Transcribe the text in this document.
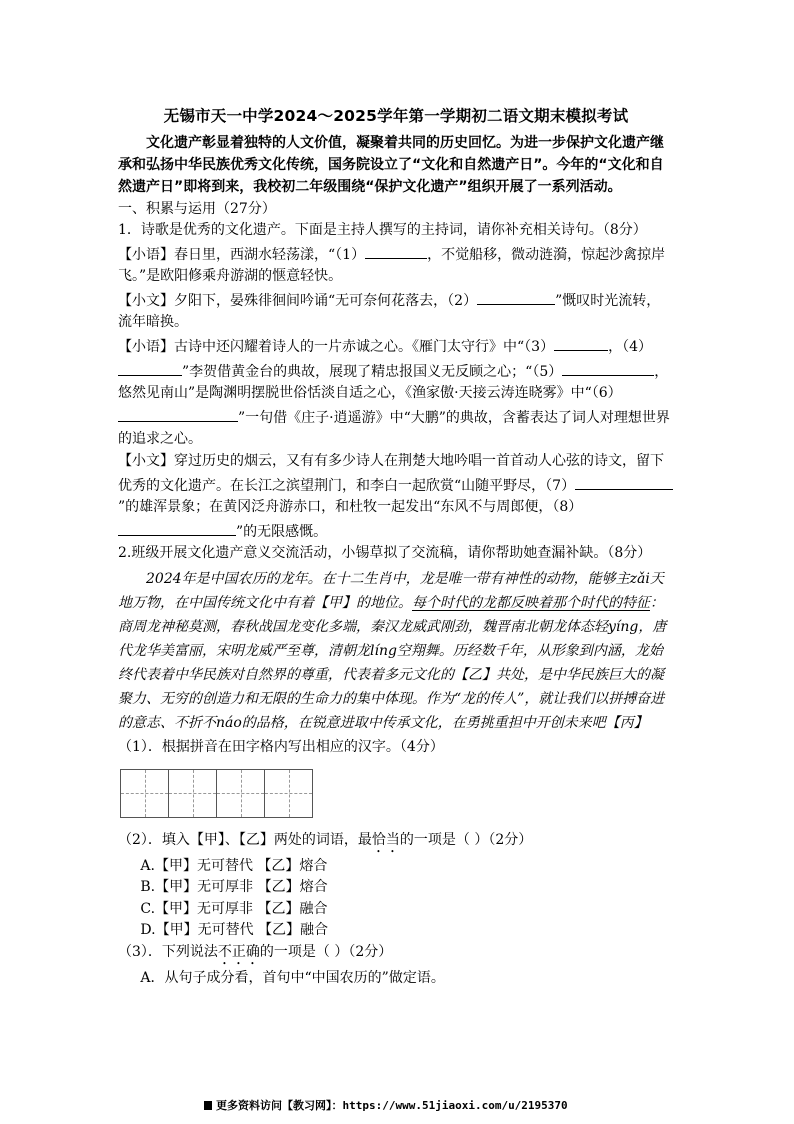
无锡市天一中学2024～2025学年第一学期初二语文期末模拟考试

文化遗产彰显着独特的人文价值，凝聚着共同的历史回忆。为进一步保护文化遗产继承和弘扬中华民族优秀文化传统，国务院设立了“文化和自然遗产日”。今年的“文化和自然遗产日”即将到来，我校初二年级围绕“保护文化遗产”组织开展了一系列活动。

一、积累与运用（27分）

1．诗歌是优秀的文化遗产。下面是主持人撰写的主持词，请你补充相关诗句。（8分）

【小语】春日里，西湖水轻荡漾，“（1）	，不觉船移，微动涟漪，惊起沙禽掠岸飞。”是欧阳修乘舟游湖的惬意轻快。

【小文】夕阳下，晏殊徘徊间吟诵“无可奈何花落去，（2）	”慨叹时光流转， 流年暗换。

【小语】古诗中还闪耀着诗人的一片赤诚之心。《雁门太守行》中“（3）	，（4）”李贺借黄金台的典故，展现了精忠报国义无反顾之心；“（5）	，悠然见南山”是陶渊明摆脱世俗恬淡自适之心，《渔家傲·天接云涛连晓雾》中“（6）”一句借《庄子·逍遥游》中“大鹏”的典故，含蓄表达了词人对理想世界的追求之心。

【小文】穿过历史的烟云，又有有多少诗人在荆楚大地吟唱一首首动人心弦的诗文，留下优秀的文化遗产。在长江之滨望荆门，和李白一起欣赏“山随平野尽，（7）”的雄浑景象；在黄冈泛舟游赤口，和杜牧一起发出“东风不与周郎便，（8）”的无限感慨。

2.班级开展文化遗产意义交流活动，小锡草拟了交流稿，请你帮助她查漏补缺。（8分）

2024年是中国农历的龙年。在十二生肖中，龙是唯一带有神性的动物，能够主zǎi天地万物，在中国传统文化中有着【甲】的地位。每个时代的龙都反映着那个时代的特征：商周龙神秘莫测，春秋战国龙变化多端，秦汉龙威武刚劲，魏晋南北朝龙体态轻yíng，唐代龙华美富丽，宋明龙威严至尊，清朝龙líng空翔舞。历经数千年，从形象到内涵，龙始终代表着中华民族对自然界的尊重，代表着多元文化的【乙】共处，是中华民族巨大的凝聚力、无穷的创造力和无限的生命力的集中体现。作为“龙的传人”，就让我们以拼搏奋进的意志、不折不náo的品格，在锐意进取中传承文化，在勇挑重担中开创未来吧【丙】

（1）．根据拼音在田字格内写出相应的汉字。（4分）

（2）．填入【甲】、【乙】两处的词语，最恰当的一项是（ ）（2分）

A.【甲】无可替代 【乙】熔合

B.【甲】无可厚非 【乙】熔合

C.【甲】无可厚非 【乙】融合

D.【甲】无可替代 【乙】融合

（3）．下列说法不正确的一项是（ ）（2分）

A．从句子成分看，首句中“中国农历的”做定语。

更多资料访问【教习网】：https://www.51jiaoxi.com/u/2195370
